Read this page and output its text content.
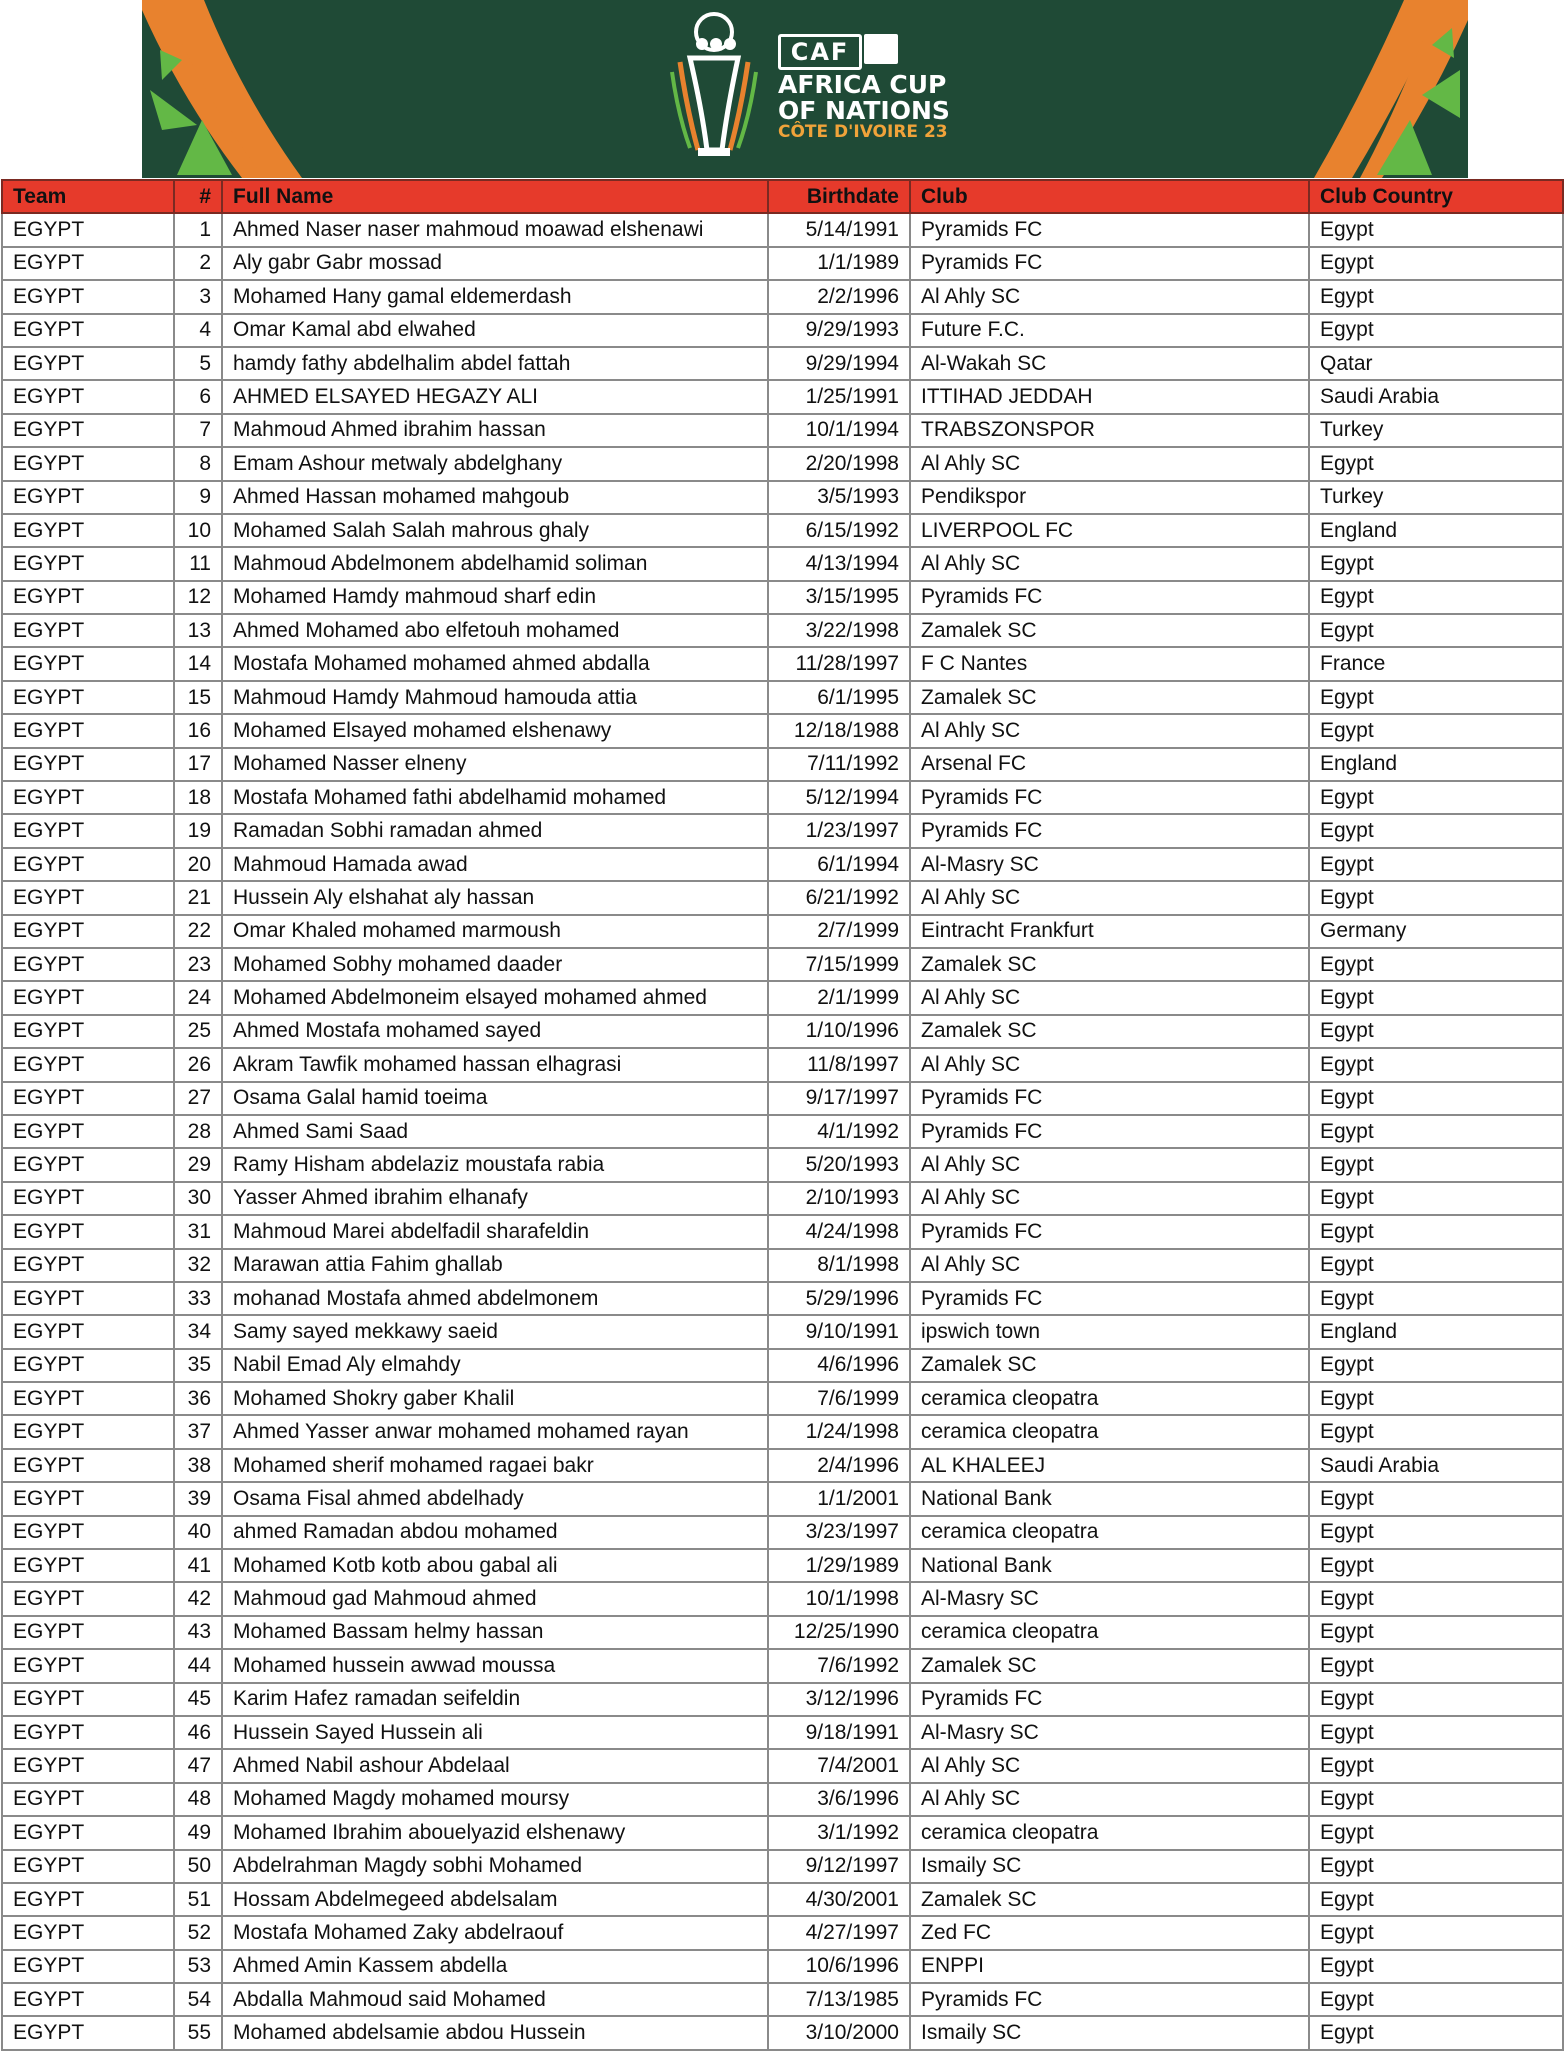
CAF
AFRICA CUP
OF NATIONS
CÔTE D'IVOIRE 23
Team	#	Full Name	Birthdate	Club	Club Country
EGYPT	1	Ahmed Naser naser mahmoud moawad elshenawi	5/14/1991	Pyramids FC	Egypt
EGYPT	2	Aly gabr Gabr mossad	1/1/1989	Pyramids FC	Egypt
EGYPT	3	Mohamed Hany gamal eldemerdash	2/2/1996	Al Ahly SC	Egypt
EGYPT	4	Omar Kamal abd elwahed	9/29/1993	Future F.C.	Egypt
EGYPT	5	hamdy fathy abdelhalim abdel fattah	9/29/1994	Al-Wakah SC	Qatar
EGYPT	6	AHMED ELSAYED HEGAZY ALI	1/25/1991	ITTIHAD JEDDAH	Saudi Arabia
EGYPT	7	Mahmoud Ahmed ibrahim hassan	10/1/1994	TRABSZONSPOR	Turkey
EGYPT	8	Emam Ashour metwaly abdelghany	2/20/1998	Al Ahly SC	Egypt
EGYPT	9	Ahmed Hassan mohamed mahgoub	3/5/1993	Pendikspor	Turkey
EGYPT	10	Mohamed Salah Salah mahrous ghaly	6/15/1992	LIVERPOOL FC	England
EGYPT	11	Mahmoud Abdelmonem abdelhamid soliman	4/13/1994	Al Ahly SC	Egypt
EGYPT	12	Mohamed Hamdy mahmoud sharf edin	3/15/1995	Pyramids FC	Egypt
EGYPT	13	Ahmed Mohamed abo elfetouh mohamed	3/22/1998	Zamalek SC	Egypt
EGYPT	14	Mostafa Mohamed mohamed ahmed abdalla	11/28/1997	F C Nantes	France
EGYPT	15	Mahmoud Hamdy Mahmoud hamouda attia	6/1/1995	Zamalek SC	Egypt
EGYPT	16	Mohamed Elsayed mohamed elshenawy	12/18/1988	Al Ahly SC	Egypt
EGYPT	17	Mohamed Nasser elneny	7/11/1992	Arsenal FC	England
EGYPT	18	Mostafa Mohamed fathi abdelhamid mohamed	5/12/1994	Pyramids FC	Egypt
EGYPT	19	Ramadan Sobhi ramadan ahmed	1/23/1997	Pyramids FC	Egypt
EGYPT	20	Mahmoud Hamada awad	6/1/1994	Al-Masry SC	Egypt
EGYPT	21	Hussein Aly elshahat aly hassan	6/21/1992	Al Ahly SC	Egypt
EGYPT	22	Omar Khaled mohamed marmoush	2/7/1999	Eintracht Frankfurt	Germany
EGYPT	23	Mohamed Sobhy mohamed daader	7/15/1999	Zamalek SC	Egypt
EGYPT	24	Mohamed Abdelmoneim elsayed mohamed ahmed	2/1/1999	Al Ahly SC	Egypt
EGYPT	25	Ahmed Mostafa mohamed sayed	1/10/1996	Zamalek SC	Egypt
EGYPT	26	Akram Tawfik mohamed hassan elhagrasi	11/8/1997	Al Ahly SC	Egypt
EGYPT	27	Osama Galal hamid toeima	9/17/1997	Pyramids FC	Egypt
EGYPT	28	Ahmed Sami Saad	4/1/1992	Pyramids FC	Egypt
EGYPT	29	Ramy Hisham abdelaziz moustafa rabia	5/20/1993	Al Ahly SC	Egypt
EGYPT	30	Yasser Ahmed ibrahim elhanafy	2/10/1993	Al Ahly SC	Egypt
EGYPT	31	Mahmoud Marei abdelfadil sharafeldin	4/24/1998	Pyramids FC	Egypt
EGYPT	32	Marawan attia Fahim ghallab	8/1/1998	Al Ahly SC	Egypt
EGYPT	33	mohanad Mostafa ahmed abdelmonem	5/29/1996	Pyramids FC	Egypt
EGYPT	34	Samy sayed mekkawy saeid	9/10/1991	ipswich town	England
EGYPT	35	Nabil Emad Aly elmahdy	4/6/1996	Zamalek SC	Egypt
EGYPT	36	Mohamed Shokry gaber Khalil	7/6/1999	ceramica cleopatra	Egypt
EGYPT	37	Ahmed Yasser anwar mohamed mohamed rayan	1/24/1998	ceramica cleopatra	Egypt
EGYPT	38	Mohamed sherif mohamed ragaei bakr	2/4/1996	AL KHALEEJ	Saudi Arabia
EGYPT	39	Osama Fisal ahmed abdelhady	1/1/2001	National Bank	Egypt
EGYPT	40	ahmed Ramadan abdou mohamed	3/23/1997	ceramica cleopatra	Egypt
EGYPT	41	Mohamed Kotb kotb abou gabal ali	1/29/1989	National Bank	Egypt
EGYPT	42	Mahmoud gad Mahmoud ahmed	10/1/1998	Al-Masry SC	Egypt
EGYPT	43	Mohamed Bassam helmy hassan	12/25/1990	ceramica cleopatra	Egypt
EGYPT	44	Mohamed hussein awwad moussa	7/6/1992	Zamalek SC	Egypt
EGYPT	45	Karim Hafez ramadan seifeldin	3/12/1996	Pyramids FC	Egypt
EGYPT	46	Hussein Sayed Hussein ali	9/18/1991	Al-Masry SC	Egypt
EGYPT	47	Ahmed Nabil ashour Abdelaal	7/4/2001	Al Ahly SC	Egypt
EGYPT	48	Mohamed Magdy mohamed moursy	3/6/1996	Al Ahly SC	Egypt
EGYPT	49	Mohamed Ibrahim abouelyazid elshenawy	3/1/1992	ceramica cleopatra	Egypt
EGYPT	50	Abdelrahman Magdy sobhi Mohamed	9/12/1997	Ismaily SC	Egypt
EGYPT	51	Hossam Abdelmegeed abdelsalam	4/30/2001	Zamalek SC	Egypt
EGYPT	52	Mostafa Mohamed Zaky abdelraouf	4/27/1997	Zed FC	Egypt
EGYPT	53	Ahmed Amin Kassem abdella	10/6/1996	ENPPI	Egypt
EGYPT	54	Abdalla Mahmoud said Mohamed	7/13/1985	Pyramids FC	Egypt
EGYPT	55	Mohamed abdelsamie abdou Hussein	3/10/2000	Ismaily SC	Egypt
